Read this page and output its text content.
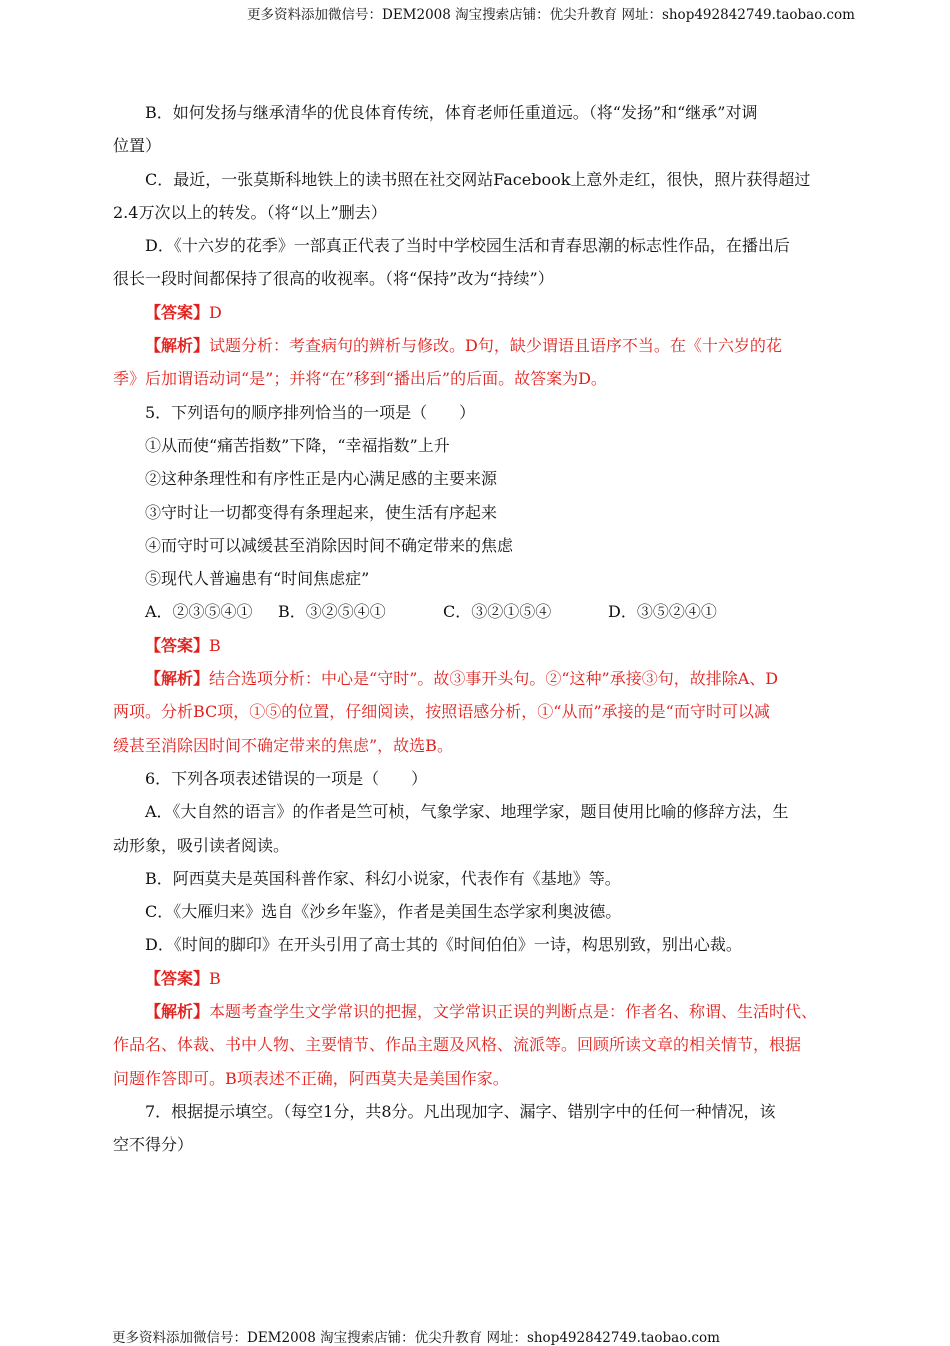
更多资料添加微信号：DEM2008 淘宝搜索店铺：优尖升教育 网址：shop492842749.taobao.com
B．如何发扬与继承清华的优良体育传统，体育老师任重道远。（将“发扬”和“继承”对调
位置）
C．最近，一张莫斯科地铁上的读书照在社交网站Facebook上意外走红，很快，照片获得超过
2.4万次以上的转发。（将“以上”删去）
D．《十六岁的花季》一部真正代表了当时中学校园生活和青春思潮的标志性作品，在播出后
很长一段时间都保持了很高的收视率。（将“保持”改为“持续”）
【答案】D
【解析】试题分析：考查病句的辨析与修改。D句，缺少谓语且语序不当。在《十六岁的花
季》后加谓语动词“是”；并将“在”移到“播出后”的后面。故答案为D。
5．下列语句的顺序排列恰当的一项是（　　）
①从而使“痛苦指数”下降，“幸福指数”上升
②这种条理性和有序性正是内心满足感的主要来源
③守时让一切都变得有条理起来，使生活有序起来
④而守时可以减缓甚至消除因时间不确定带来的焦虑
⑤现代人普遍患有“时间焦虑症”
A．②③⑤④① B．③②⑤④①	C．③②①⑤④	D．③⑤②④①
【答案】B
【解析】结合选项分析：中心是“守时”。故③事开头句。②“这种”承接③句，故排除A、D
两项。分析BC项，①⑤的位置，仔细阅读，按照语感分析，①“从而”承接的是“而守时可以减
缓甚至消除因时间不确定带来的焦虑”，故选B。
6．下列各项表述错误的一项是（　　）
A．《大自然的语言》的作者是竺可桢，气象学家、地理学家，题目使用比喻的修辞方法，生
动形象，吸引读者阅读。
B．阿西莫夫是英国科普作家、科幻小说家，代表作有《基地》等。
C．《大雁归来》选自《沙乡年鉴》，作者是美国生态学家利奥波德。
D．《时间的脚印》在开头引用了高士其的《时间伯伯》一诗，构思别致，别出心裁。
【答案】B
【解析】本题考查学生文学常识的把握，文学常识正误的判断点是：作者名、称谓、生活时代、
作品名、体裁、书中人物、主要情节、作品主题及风格、流派等。回顾所读文章的相关情节，根据
问题作答即可。B项表述不正确，阿西莫夫是美国作家。
7．根据提示填空。（每空1分，共8分。凡出现加字、漏字、错别字中的任何一种情况，该
空不得分）
更多资料添加微信号：DEM2008 淘宝搜索店铺：优尖升教育 网址：shop492842749.taobao.com
